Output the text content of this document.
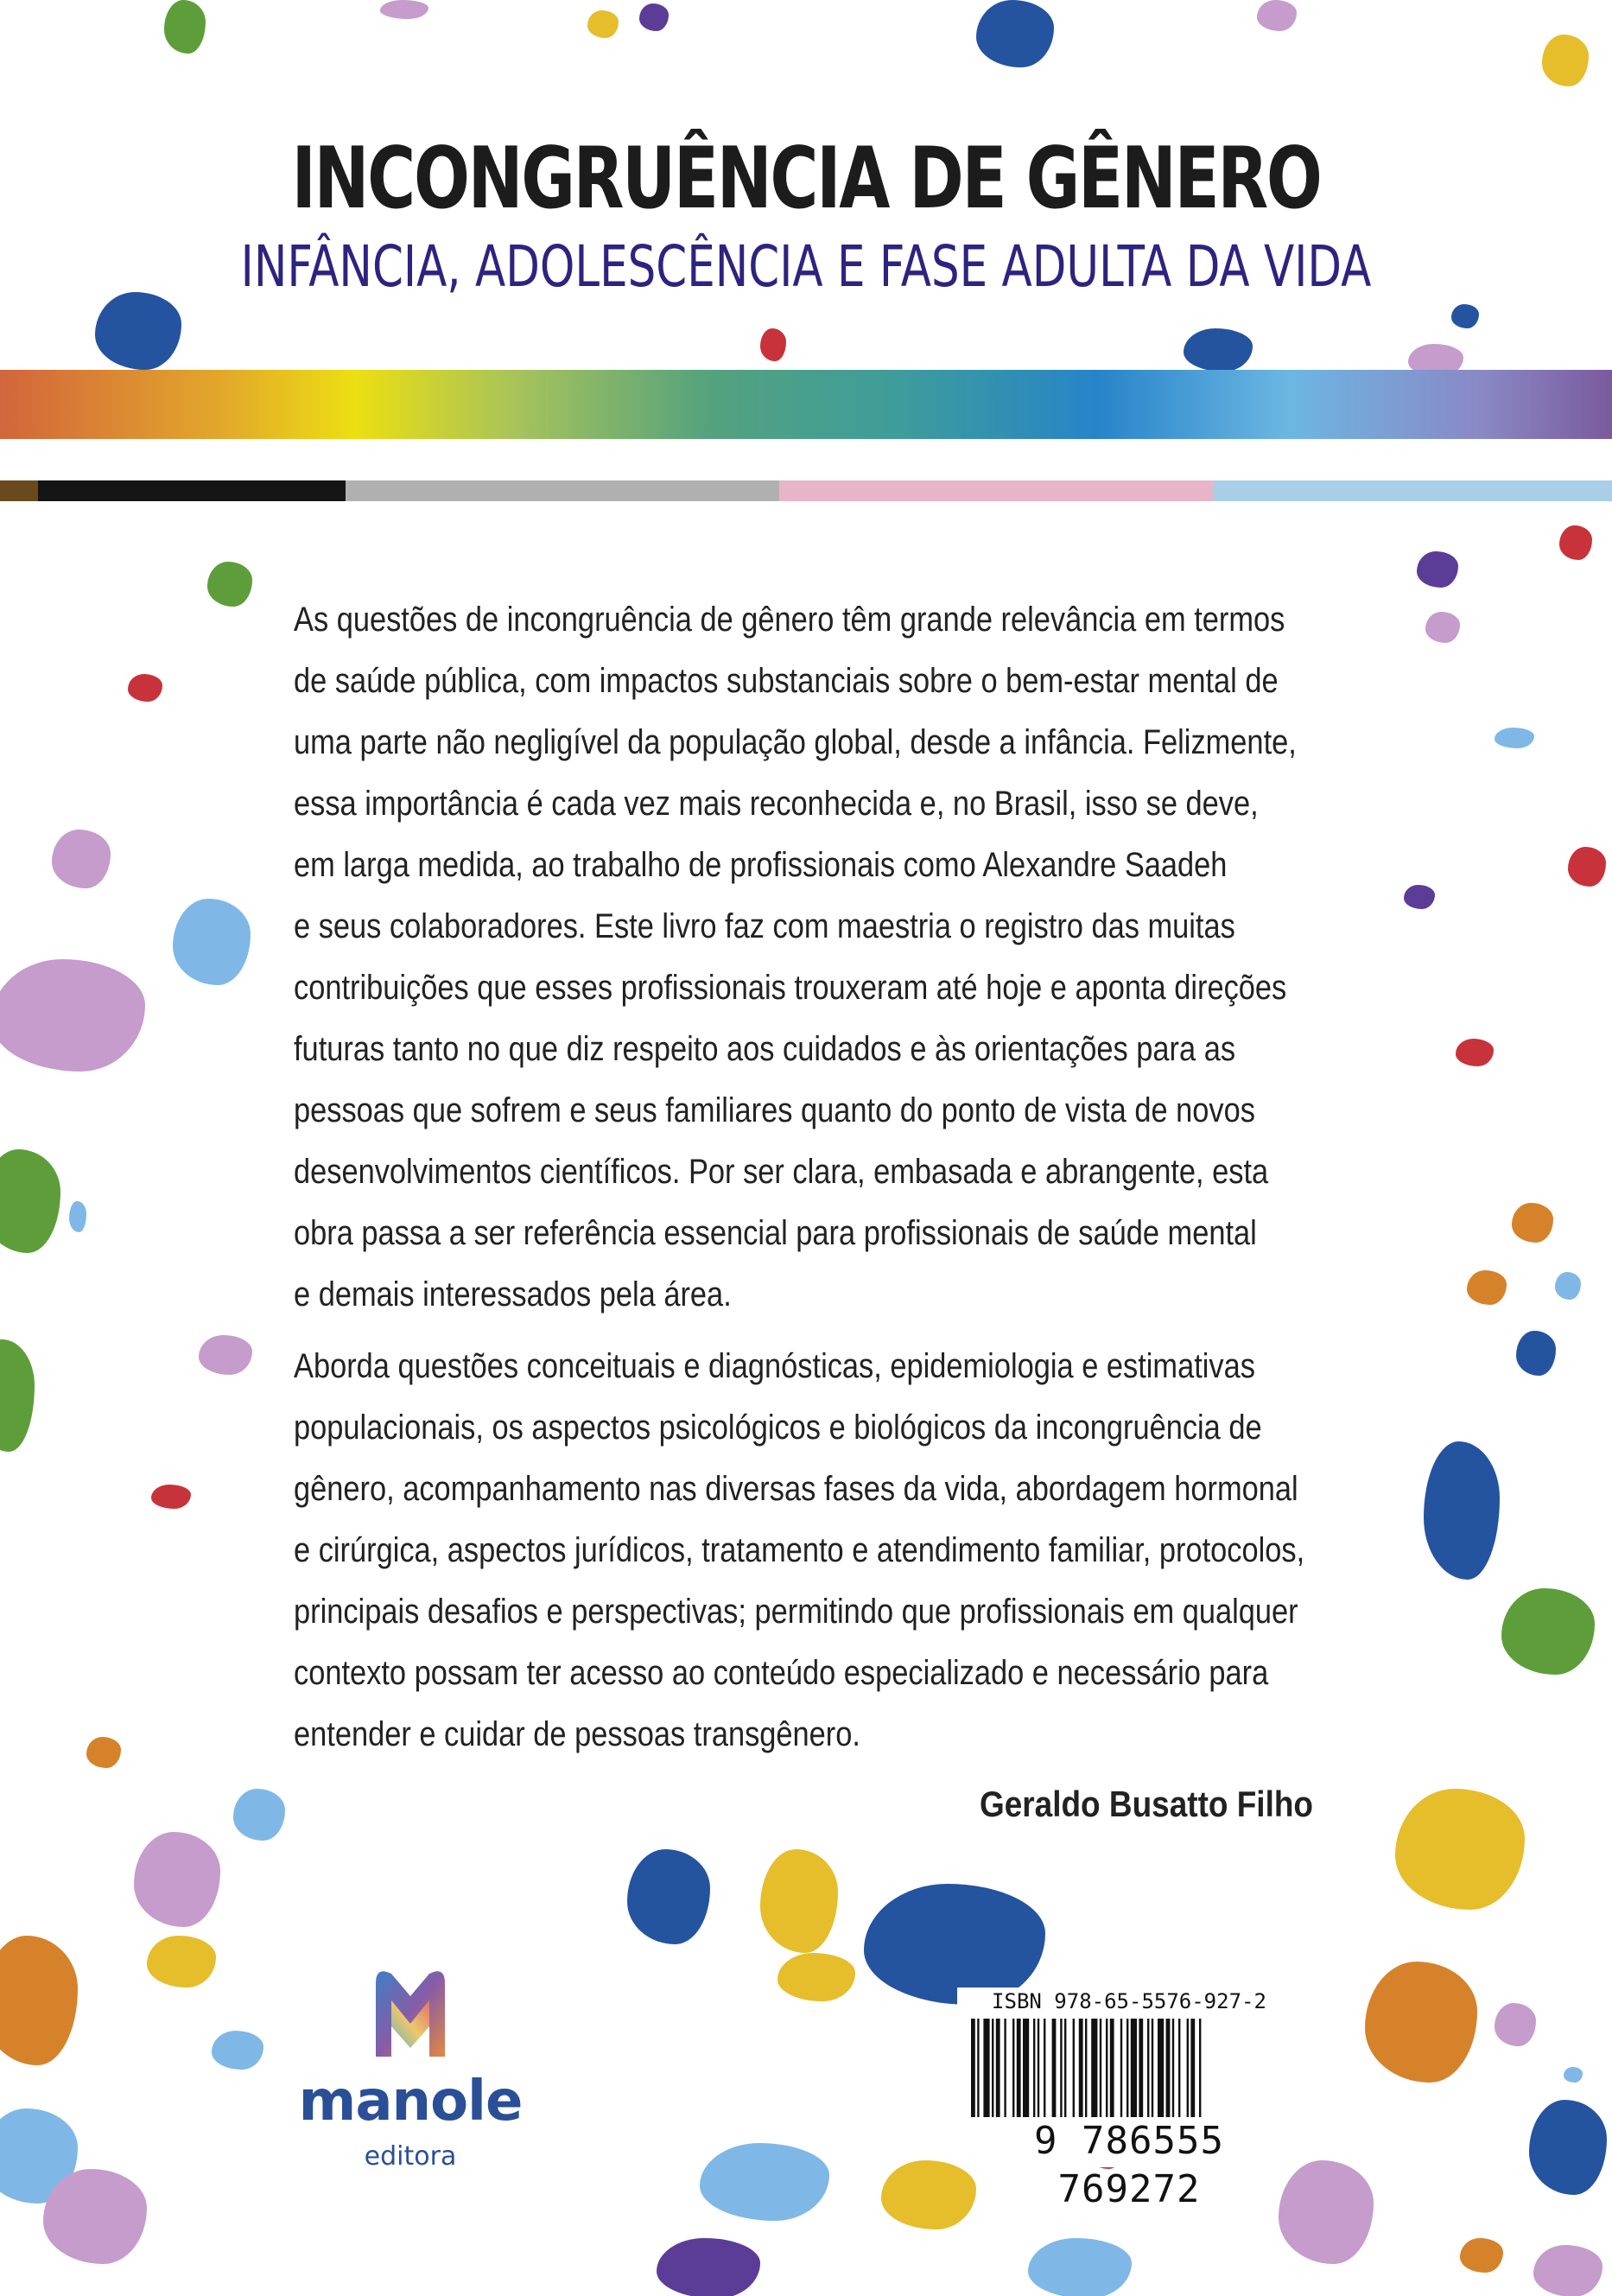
INCONGRUÊNCIA DE GÊNERO
INFÂNCIA, ADOLESCÊNCIA E FASE ADULTA DA VIDA
As questões de incongruência de gênero têm grande relevância em termos
de saúde pública, com impactos substanciais sobre o bem-estar mental de
uma parte não negligível da população global, desde a infância. Felizmente,
essa importância é cada vez mais reconhecida e, no Brasil, isso se deve,
em larga medida, ao trabalho de profissionais como Alexandre Saadeh
e seus colaboradores. Este livro faz com maestria o registro das muitas
contribuições que esses profissionais trouxeram até hoje e aponta direções
futuras tanto no que diz respeito aos cuidados e às orientações para as
pessoas que sofrem e seus familiares quanto do ponto de vista de novos
desenvolvimentos científicos. Por ser clara, embasada e abrangente, esta
obra passa a ser referência essencial para profissionais de saúde mental
e demais interessados pela área.
Aborda questões conceituais e diagnósticas, epidemiologia e estimativas
populacionais, os aspectos psicológicos e biológicos da incongruência de
gênero, acompanhamento nas diversas fases da vida, abordagem hormonal
e cirúrgica, aspectos jurídicos, tratamento e atendimento familiar, protocolos,
principais desafios e perspectivas; permitindo que profissionais em qualquer
contexto possam ter acesso ao conteúdo especializado e necessário para
entender e cuidar de pessoas transgênero.
Geraldo Busatto Filho
manole
editora
ISBN 978-65-5576-927-2
9 786555 769272
